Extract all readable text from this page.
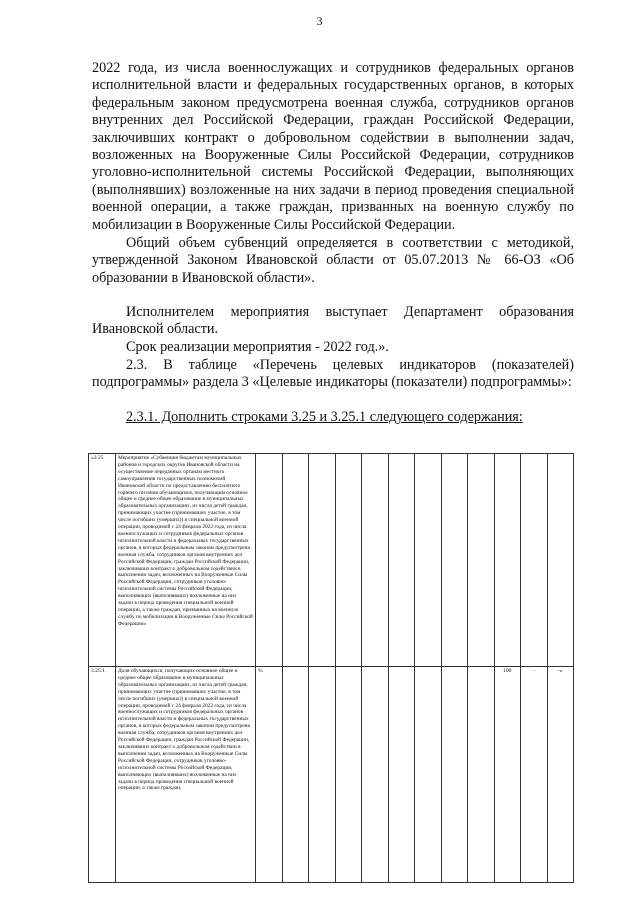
3
2022 года, из числа военнослужащих и сотрудников федеральных органов исполнительной власти и федеральных государственных органов, в которых федеральным законом предусмотрена военная служба, сотрудников органов внутренних дел Российской Федерации, граждан Российской Федерации, заключивших контракт о добровольном содействии в выполнении задач, возложенных на Вооруженные Силы Российской Федерации, сотрудников уголовно-исполнительной системы Российской Федерации, выполняющих (выполнявших) возложенные на них задачи в период проведения специальной военной операции, а также граждан, призванных на военную службу по мобилизации в Вооруженные Силы Российской Федерации.
Общий объем субвенций определяется в соответствии с методикой, утвержденной Законом Ивановской области от 05.07.2013 № 66-ОЗ «Об образовании в Ивановской области».
Исполнителем мероприятия выступает Департамент образования Ивановской области.
Срок реализации мероприятия - 2022 год.».
2.3. В таблице «Перечень целевых индикаторов (показателей) подпрограммы» раздела 3 «Целевые индикаторы (показатели) подпрограммы»:
2.3.1. Дополнить строками 3.25 и 3.25.1 следующего содержания:
«3.25	Мероприятие «Субвенция бюджетам муниципальных районов и городских округов Ивановской области на осуществление переданных органам местного самоуправления государственных полномочий Ивановской области по предоставлению бесплатного горячего питания обучающимся, получающим основное общее и среднее общее образование в муниципальных образовательных организациях, из числа детей граждан, принимающих участие (принимавших участие, в том числе погибших (умерших)) в специальной военной операции, проводимой с 24 февраля 2022 года, из числа военнослужащих и сотрудников федеральных органов исполнительной власти и федеральных государственных органов, в которых федеральным законом предусмотрена военная служба, сотрудников органов внутренних дел Российской Федерации, граждан Российской Федерации, заключивших контракт о добровольном содействии в выполнении задач, возложенных на Вооруженные Силы Российской Федерации, сотрудников уголовно-исполнительной системы Российской Федерации, выполняющих (выполнявших) возложенные на них задачи в период проведения специальной военной операции, а также граждан, призванных на военную службу по мобилизации в Вооруженные Силы Российской Федерации»												
3.25.1	Доля обучающихся, получающих основное общее и среднее общее образование в муниципальных образовательных организациях, из числа детей граждан, принимающих участие (принимавших участие, в том числе погибших (умерших)) в специальной военной операции, проводимой с 24 февраля 2022 года, из числа военнослужащих и сотрудников федеральных органов исполнительной власти и федеральных государственных органов, в которых федеральным законом предусмотрена военная служба, сотрудников органов внутренних дел Российской Федерации, граждан Российской Федерации, заключивших контракт о добровольном содействии в выполнении задач, возложенных на Вооруженные Силы Российской Федерации, сотрудников уголовно-исполнительной системы Российской Федерации, выполняющих (выполнявших) возложенные на них задачи в период проведения специальной военной операции, а также граждан,	%									100	-	-»
